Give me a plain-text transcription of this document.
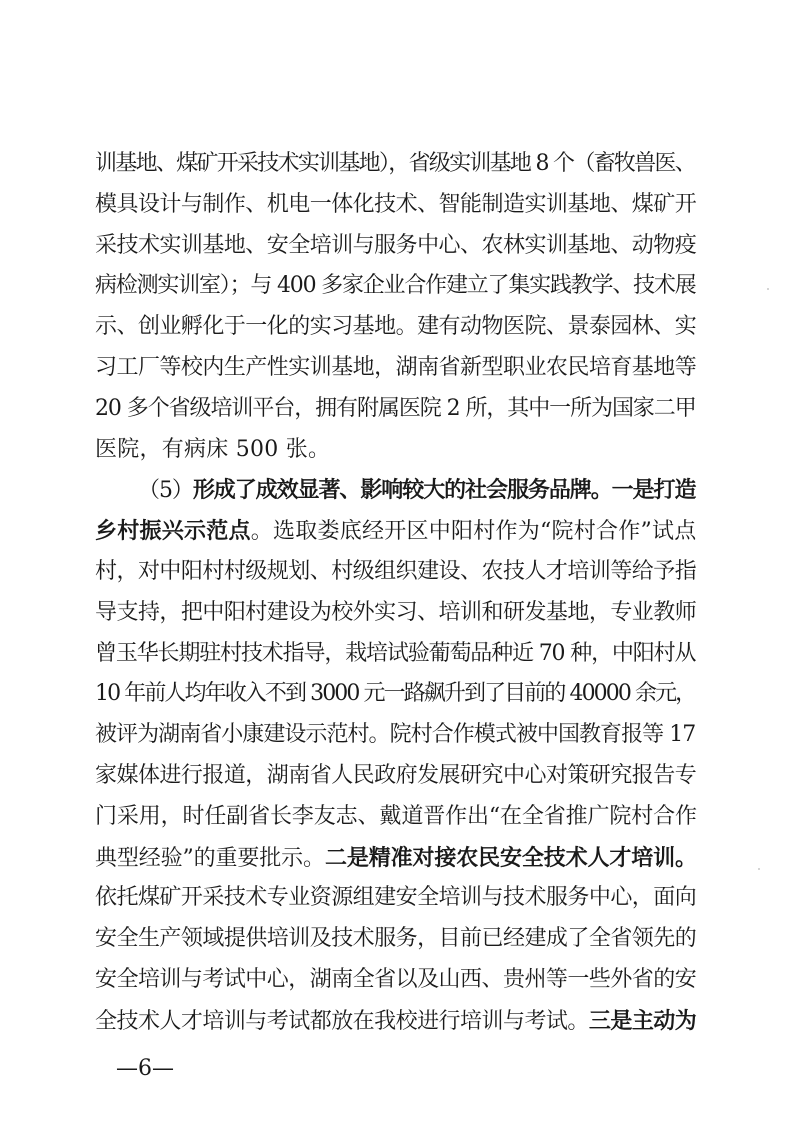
训基地、煤矿开采技术实训基地），省级实训基地 8 个（畜牧兽医、
模具设计与制作、机电一体化技术、智能制造实训基地、煤矿开
采技术实训基地、安全培训与服务中心、农林实训基地、动物疫
病检测实训室）；与 400 多家企业合作建立了集实践教学、技术展
示、创业孵化于一化的实习基地。建有动物医院、景泰园林、实
习工厂等校内生产性实训基地，湖南省新型职业农民培育基地等
20 多个省级培训平台，拥有附属医院 2 所，其中一所为国家二甲
医院，有病床 500 张。
（5）形成了成效显著、影响较大的社会服务品牌。一是打造
乡村振兴示范点。选取娄底经开区中阳村作为“院村合作”试点
村，对中阳村村级规划、村级组织建设、农技人才培训等给予指
导支持，把中阳村建设为校外实习、培训和研发基地，专业教师
曾玉华长期驻村技术指导，栽培试验葡萄品种近 70 种，中阳村从
10 年前人均年收入不到 3000 元一路飙升到了目前的 40000 余元，
被评为湖南省小康建设示范村。院村合作模式被中国教育报等 17
家媒体进行报道，湖南省人民政府发展研究中心对策研究报告专
门采用，时任副省长李友志、戴道晋作出“在全省推广院村合作
典型经验”的重要批示。二是精准对接农民安全技术人才培训。
依托煤矿开采技术专业资源组建安全培训与技术服务中心，面向
安全生产领域提供培训及技术服务，目前已经建成了全省领先的
安全培训与考试中心，湖南全省以及山西、贵州等一些外省的安
全技术人才培训与考试都放在我校进行培训与考试。三是主动为
—6—
